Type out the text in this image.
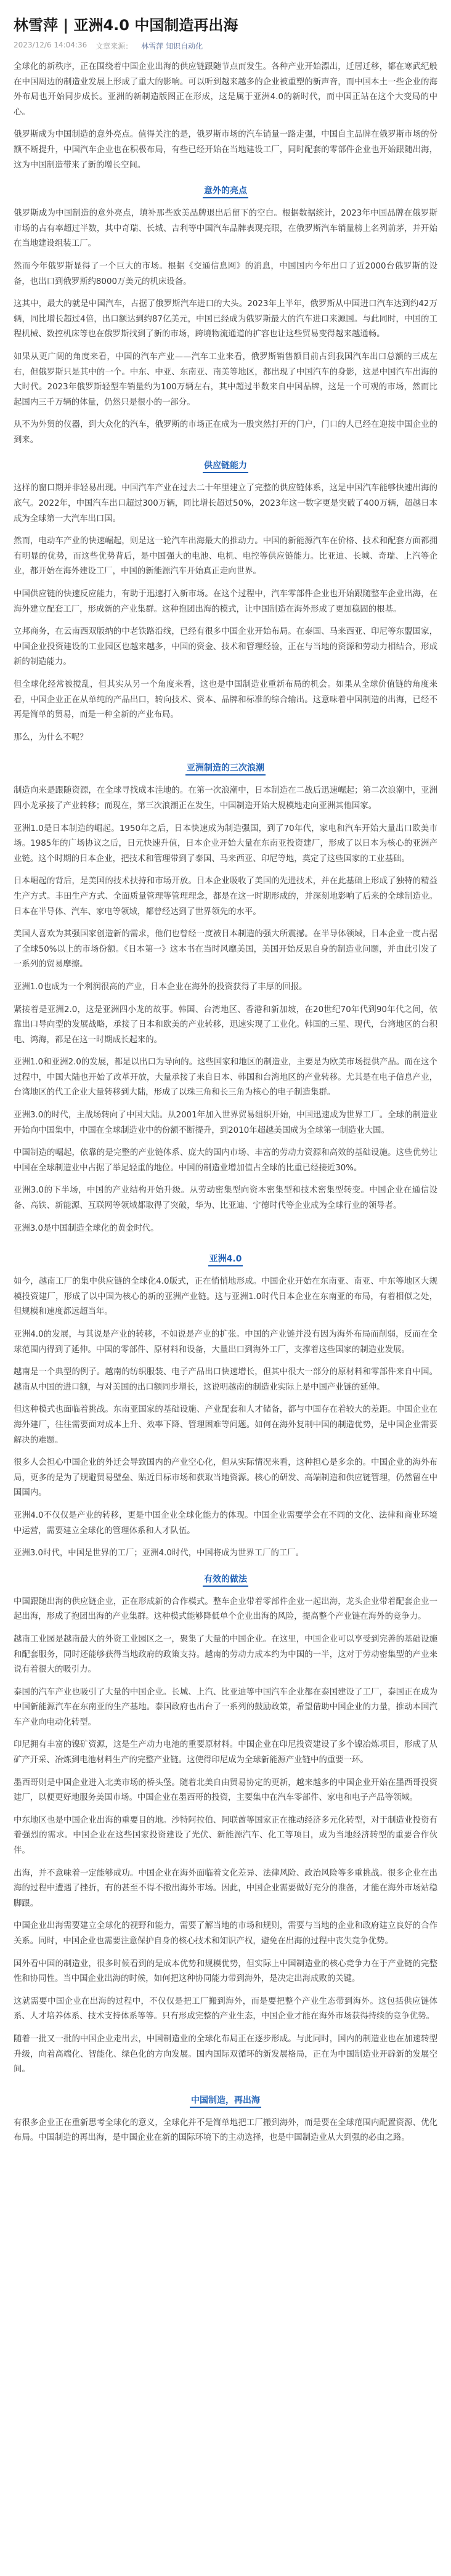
林雪萍 | 亚洲4.0 中国制造再出海
2023/12/6 14:04:36 文章来源： 林雪萍 知识自动化

全球化的新秩序，正在围绕着中国企业出海的供应链跟随节点而发生。各种产业开始漂出，迁居迁移，都在寒武纪般在中国周边的制造业发展上形成了重大的影响。可以听到越来越多的企业被重塑的新声音，而中国本土一些企业的海外布局也开始同步成长。亚洲的新制造版图正在形成，这是属于亚洲4.0的新时代，而中国正站在这个大变局的中心。

俄罗斯成为中国制造的意外亮点。值得关注的是，俄罗斯市场的汽车销量一路走强，中国自主品牌在俄罗斯市场的份额不断提升，中国汽车企业也在积极布局，有些已经开始在当地建设工厂，同时配套的零部件企业也开始跟随出海，这为中国制造带来了新的增长空间。

意外的亮点

俄罗斯成为中国制造的意外亮点，填补那些欧美品牌退出后留下的空白。根据数据统计，2023年中国品牌在俄罗斯市场的占有率超过半数，其中奇瑞、长城、吉利等中国汽车品牌表现亮眼，在俄罗斯汽车销量榜上名列前茅，并开始在当地建设组装工厂。

然而今年俄罗斯显得了一个巨大的市场。根据《交通信息网》的消息，中国国内今年出口了近2000台俄罗斯的设备，也出口到俄罗斯约8000万美元的机床设备。

这其中，最大的就是中国汽车，占据了俄罗斯汽车进口的大头。2023年上半年，俄罗斯从中国进口汽车达到约42万辆，同比增长超过4倍，出口额达到约87亿美元，中国已经成为俄罗斯最大的汽车进口来源国。与此同时，中国的工程机械、数控机床等也在俄罗斯找到了新的市场，跨境物流通道的扩容也让这些贸易变得越来越通畅。

如果从更广阔的角度来看，中国的汽车产业——汽车工业来看，俄罗斯销售额目前占到我国汽车出口总额的三成左右，但俄罗斯只是其中的一个。中东、中亚、东南亚、南美等地区，都出现了中国汽车的身影，这是中国汽车出海的大时代。2023年俄罗斯轻型车销量约为100万辆左右，其中超过半数来自中国品牌，这是一个可观的市场，然而比起国内三千万辆的体量，仍然只是很小的一部分。

从不为外贸的仪器，到大众化的汽车，俄罗斯的市场正在成为一股突然打开的门户，门口的人已经在迎接中国企业的到来。

供应链能力

这样的窗口期并非轻易出现。中国汽车产业在过去二十年里建立了完整的供应链体系，这是中国汽车能够快速出海的底气。2022年，中国汽车出口超过300万辆，同比增长超过50%，2023年这一数字更是突破了400万辆，超越日本成为全球第一大汽车出口国。

然而，电动车产业的快速崛起，则是这一轮汽车出海最大的推动力。中国的新能源汽车在价格、技术和配套方面都拥有明显的优势，而这些优势背后，是中国强大的电池、电机、电控等供应链能力。比亚迪、长城、奇瑞、上汽等企业，都开始在海外建设工厂，中国的新能源汽车开始真正走向世界。

中国供应链的快速反应能力，有助于迅速打入新市场。在这个过程中，汽车零部件企业也开始跟随整车企业出海，在海外建立配套工厂，形成新的产业集群。这种抱团出海的模式，让中国制造在海外形成了更加稳固的根基。

立邦商务，在云南西双版纳的中老铁路沿线，已经有很多中国企业开始布局。在泰国、马来西亚、印尼等东盟国家，中国企业投资建设的工业园区也越来越多，中国的资金、技术和管理经验，正在与当地的资源和劳动力相结合，形成新的制造能力。

但全球化经常被搅乱，但其实从另一个角度来看，这也是中国制造业重新布局的机会。如果从全球价值链的角度来看，中国企业正在从单纯的产品出口，转向技术、资本、品牌和标准的综合输出。这意味着中国制造的出海，已经不再是简单的贸易，而是一种全新的产业布局。

那么，为什么不呢？

亚洲制造的三次浪潮

制造向来是跟随资源，在全球寻找成本洼地的。在第一次浪潮中，日本制造在二战后迅速崛起；第二次浪潮中，亚洲四小龙承接了产业转移；而现在，第三次浪潮正在发生，中国制造开始大规模地走向亚洲其他国家。

亚洲1.0是日本制造的崛起。1950年之后，日本快速成为制造强国，到了70年代，家电和汽车开始大量出口欧美市场。1985年的广场协议之后，日元快速升值，日本企业开始大量在东南亚投资建厂，形成了以日本为核心的亚洲产业链。这个时期的日本企业，把技术和管理带到了泰国、马来西亚、印尼等地，奠定了这些国家的工业基础。

日本崛起的背后，是美国的技术扶持和市场开放。日本企业吸收了美国的先进技术，并在此基础上形成了独特的精益生产方式。丰田生产方式、全面质量管理等管理理念，都是在这一时期形成的，并深刻地影响了后来的全球制造业。日本在半导体、汽车、家电等领域，都曾经达到了世界领先的水平。

美国人喜欢为其强国家创造新的需求，他们也曾经一度被日本制造的强大所震撼。在半导体领域，日本企业一度占据了全球50%以上的市场份额。《日本第一》这本书在当时风靡美国，美国开始反思自身的制造业问题，并由此引发了一系列的贸易摩擦。

亚洲1.0也成为一个利润很高的产业，日本企业在海外的投资获得了丰厚的回报。

紧接着是亚洲2.0，这是亚洲四小龙的故事。韩国、台湾地区、香港和新加坡，在20世纪70年代到90年代之间，依靠出口导向型的发展战略，承接了日本和欧美的产业转移，迅速实现了工业化。韩国的三星、现代，台湾地区的台积电、鸿海，都是在这一时期成长起来的。

亚洲1.0和亚洲2.0的发展，都是以出口为导向的。这些国家和地区的制造业，主要是为欧美市场提供产品。而在这个过程中，中国大陆也开始了改革开放，大量承接了来自日本、韩国和台湾地区的产业转移。尤其是在电子信息产业，台湾地区的代工企业大量转移到大陆，形成了以珠三角和长三角为核心的电子制造集群。

亚洲3.0的时代，主战场转向了中国大陆。从2001年加入世界贸易组织开始，中国迅速成为世界工厂。全球的制造业开始向中国集中，中国在全球制造业中的份额不断提升，到2010年超越美国成为全球第一制造业大国。

中国制造的崛起，依靠的是完整的产业链体系、庞大的国内市场、丰富的劳动力资源和高效的基础设施。这些优势让中国在全球制造业中占据了举足轻重的地位。中国的制造业增加值占全球的比重已经接近30%。

亚洲3.0的下半场，中国的产业结构开始升级。从劳动密集型向资本密集型和技术密集型转变。中国企业在通信设备、高铁、新能源、互联网等领域都取得了突破，华为、比亚迪、宁德时代等企业成为全球行业的领导者。

亚洲3.0是中国制造全球化的黄金时代。

亚洲4.0

如今，越南工厂的集中供应链的全球化4.0版式，正在悄悄地形成。中国企业开始在东南亚、南亚、中东等地区大规模投资建厂，形成了以中国为核心的新的亚洲产业链。这与亚洲1.0时代日本企业在东南亚的布局，有着相似之处，但规模和速度都远超当年。

亚洲4.0的发展，与其说是产业的转移，不如说是产业的扩张。中国的产业链并没有因为海外布局而削弱，反而在全球范围内得到了延伸。中国的零部件、原材料和设备，大量出口到海外工厂，支撑着这些国家的制造业发展。

越南是一个典型的例子。越南的纺织服装、电子产品出口快速增长，但其中很大一部分的原材料和零部件来自中国。越南从中国的进口额，与对美国的出口额同步增长，这说明越南的制造业实际上是中国产业链的延伸。

但这种模式也面临着挑战。东南亚国家的基础设施、产业配套和人才储备，都与中国存在着较大的差距。中国企业在海外建厂，往往需要面对成本上升、效率下降、管理困难等问题。如何在海外复制中国的制造优势，是中国企业需要解决的难题。

很多人会担心中国企业的外迁会导致国内的产业空心化，但从实际情况来看，这种担心是多余的。中国企业的海外布局，更多的是为了规避贸易壁垒、贴近目标市场和获取当地资源。核心的研发、高端制造和供应链管理，仍然留在中国国内。

亚洲4.0不仅仅是产业的转移，更是中国企业全球化能力的体现。中国企业需要学会在不同的文化、法律和商业环境中运营，需要建立全球化的管理体系和人才队伍。

亚洲3.0时代，中国是世界的工厂；亚洲4.0时代，中国将成为世界工厂的工厂。

有效的做法

中国跟随出海的供应链企业，正在形成新的合作模式。整车企业带着零部件企业一起出海，龙头企业带着配套企业一起出海，形成了抱团出海的产业集群。这种模式能够降低单个企业出海的风险，提高整个产业链在海外的竞争力。

越南工业园是越南最大的外资工业园区之一，聚集了大量的中国企业。在这里，中国企业可以享受到完善的基础设施和配套服务，同时还能够获得当地政府的政策支持。越南的劳动力成本约为中国的一半，这对于劳动密集型的产业来说有着很大的吸引力。

泰国的汽车产业也吸引了大量的中国企业。长城、上汽、比亚迪等中国汽车企业都在泰国建设了工厂，泰国正在成为中国新能源汽车在东南亚的生产基地。泰国政府也出台了一系列的鼓励政策，希望借助中国企业的力量，推动本国汽车产业向电动化转型。

印尼拥有丰富的镍矿资源，这是生产动力电池的重要原材料。中国企业在印尼投资建设了多个镍冶炼项目，形成了从矿产开采、冶炼到电池材料生产的完整产业链。这使得印尼成为全球新能源产业链中的重要一环。

墨西哥则是中国企业进入北美市场的桥头堡。随着北美自由贸易协定的更新，越来越多的中国企业开始在墨西哥投资建厂，以便更好地服务美国市场。中国企业在墨西哥的投资，主要集中在汽车零部件、家电和电子产品等领域。

中东地区也是中国企业出海的重要目的地。沙特阿拉伯、阿联酋等国家正在推动经济多元化转型，对于制造业投资有着强烈的需求。中国企业在这些国家投资建设了光伏、新能源汽车、化工等项目，成为当地经济转型的重要合作伙伴。

出海，并不意味着一定能够成功。中国企业在海外面临着文化差异、法律风险、政治风险等多重挑战。很多企业在出海的过程中遭遇了挫折，有的甚至不得不撤出海外市场。因此，中国企业需要做好充分的准备，才能在海外市场站稳脚跟。

中国企业出海需要建立全球化的视野和能力，需要了解当地的市场和规则，需要与当地的企业和政府建立良好的合作关系。同时，中国企业也需要注意保护自身的核心技术和知识产权，避免在出海的过程中丧失竞争优势。

国外看中国的制造业，很多时候看到的是成本优势和规模优势，但实际上中国制造业的核心竞争力在于产业链的完整性和协同性。当中国企业出海的时候，如何把这种协同能力带到海外，是决定出海成败的关键。

这就需要中国企业在出海的过程中，不仅仅是把工厂搬到海外，而是要把整个产业生态带到海外。这包括供应链体系、人才培养体系、技术支持体系等等。只有形成完整的产业生态，中国企业才能在海外市场获得持续的竞争优势。

随着一批又一批的中国企业走出去，中国制造业的全球化布局正在逐步形成。与此同时，国内的制造业也在加速转型升级，向着高端化、智能化、绿色化的方向发展。国内国际双循环的新发展格局，正在为中国制造业开辟新的发展空间。

中国制造，再出海

有很多企业正在重新思考全球化的意义，全球化并不是简单地把工厂搬到海外，而是要在全球范围内配置资源、优化布局。中国制造的再出海，是中国企业在新的国际环境下的主动选择，也是中国制造业从大到强的必由之路。
